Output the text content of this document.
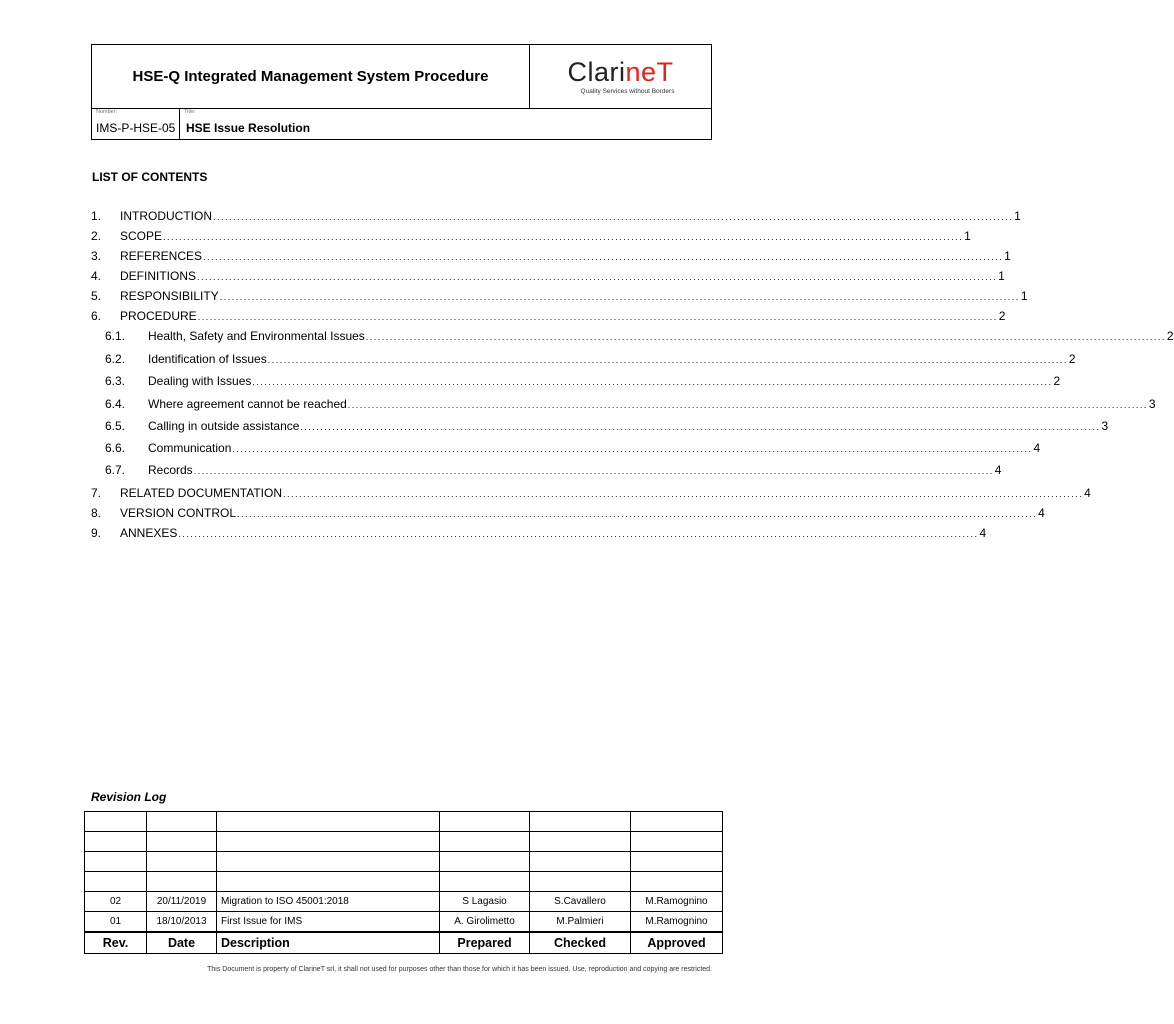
HSE-Q Integrated Management System Procedure	ClarineT
Quality Services without Borders
Number:
IMS-P-HSE-05
Title:
HSE Issue Resolution
LIST OF CONTENTS
1.	INTRODUCTION ........................................................................................................................................................................................................ 1
2.	SCOPE ........................................................................................................................................................................................................ 1
3.	REFERENCES ........................................................................................................................................................................................................ 1
4.	DEFINITIONS ........................................................................................................................................................................................................ 1
5.	RESPONSIBILITY ........................................................................................................................................................................................................ 1
6.	PROCEDURE ........................................................................................................................................................................................................ 2
6.1.	Health, Safety and Environmental Issues ........................................................................................................................................................................................................ 2
6.2.	Identification of Issues ........................................................................................................................................................................................................ 2
6.3.	Dealing with Issues ........................................................................................................................................................................................................ 2
6.4.	Where agreement cannot be reached ........................................................................................................................................................................................................ 3
6.5.	Calling in outside assistance ........................................................................................................................................................................................................ 3
6.6.	Communication ........................................................................................................................................................................................................ 4
6.7.	Records ........................................................................................................................................................................................................ 4
7.	RELATED DOCUMENTATION ........................................................................................................................................................................................................ 4
8.	VERSION CONTROL ........................................................................................................................................................................................................ 4
9.	ANNEXES ........................................................................................................................................................................................................ 4
Revision Log

02	20/11/2019	Migration to ISO 45001:2018	S Lagasio	S.Cavallero	M.Ramognino
01	18/10/2013	First Issue for IMS	A. Girolimetto	M.Palmieri	M.Ramognino
Rev.	Date	Description	Prepared	Checked	Approved
This Document is property of ClarineT srl, it shall not used for purposes other than those for which it has been issued. Use, reproduction and copying are restricted.
